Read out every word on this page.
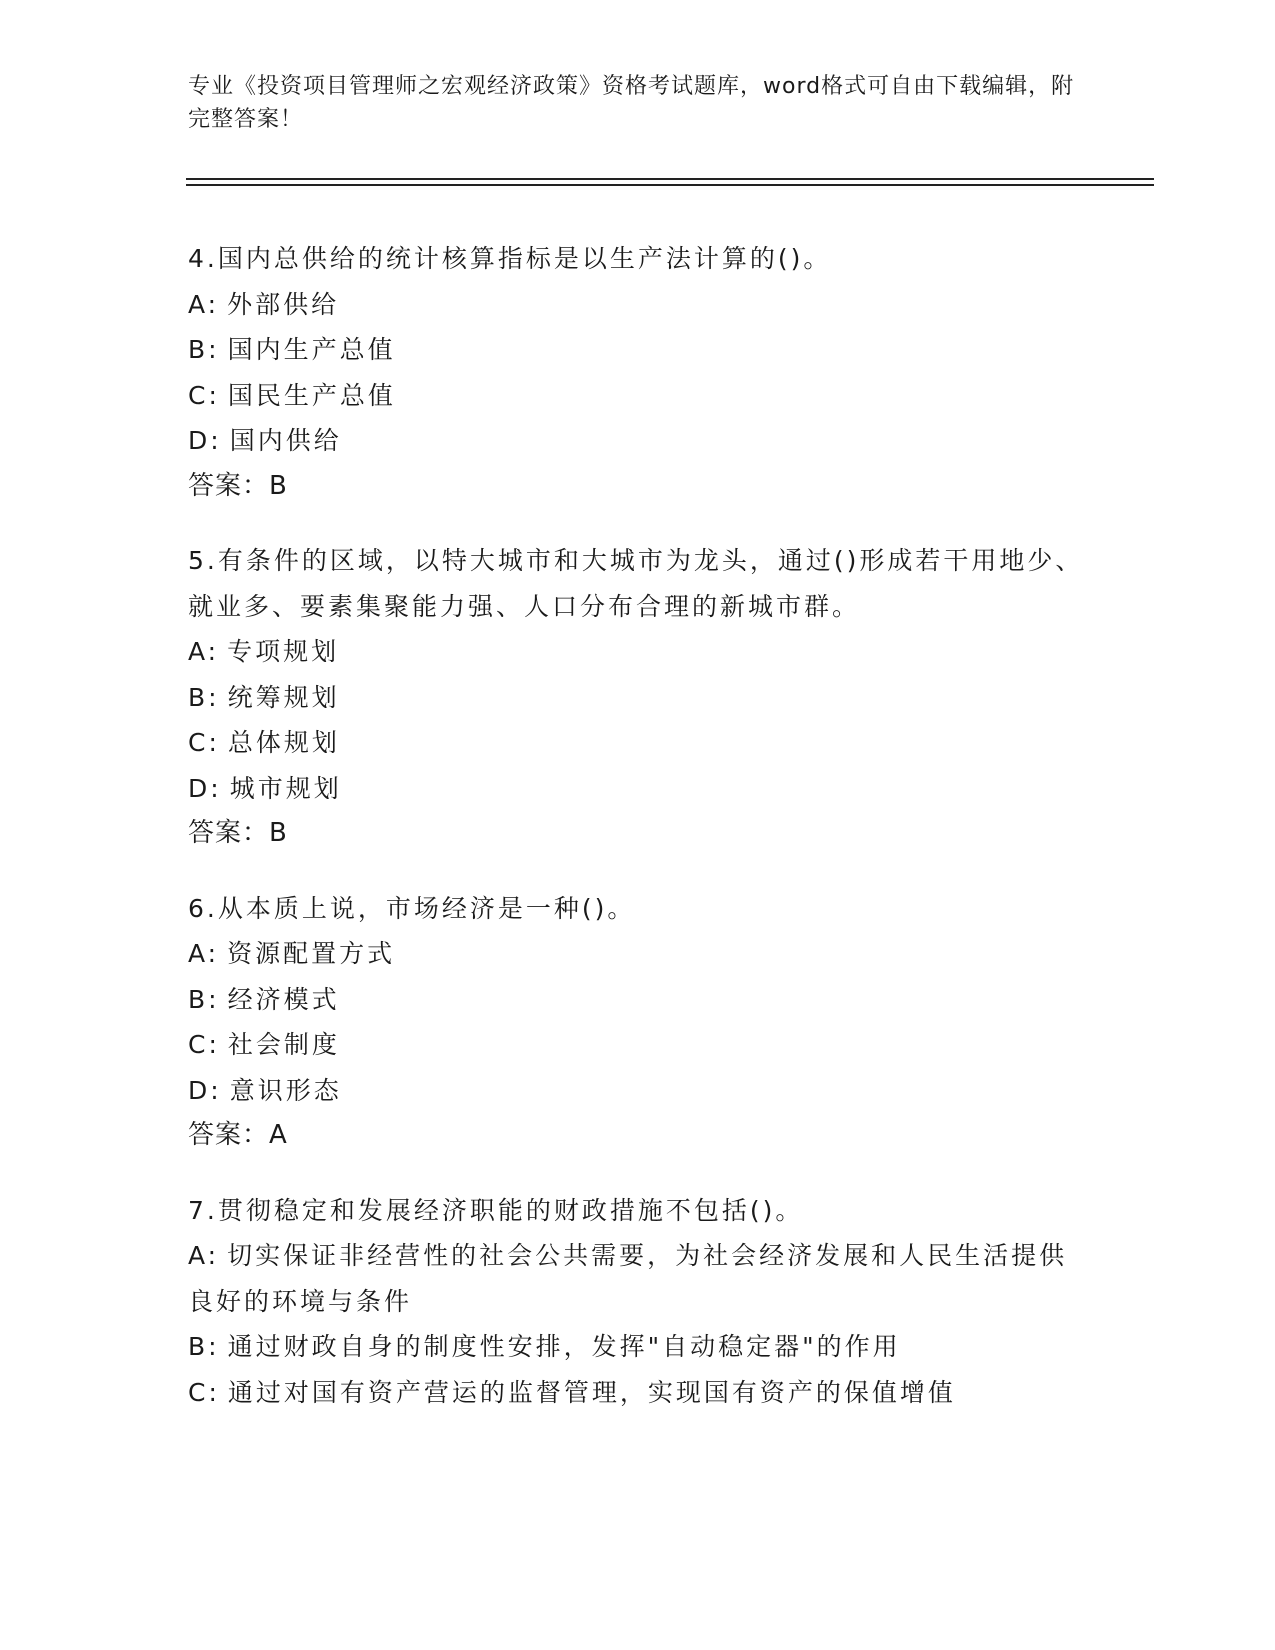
专业《投资项目管理师之宏观经济政策》资格考试题库，word格式可自由下载编辑，附完整答案！
4.国内总供给的统计核算指标是以生产法计算的()。
A: 外部供给
B: 国内生产总值
C: 国民生产总值
D: 国内供给
答案：B
5.有条件的区域，以特大城市和大城市为龙头，通过()形成若干用地少、就业多、要素集聚能力强、人口分布合理的新城市群。
A: 专项规划
B: 统筹规划
C: 总体规划
D: 城市规划
答案：B
6.从本质上说，市场经济是一种()。
A: 资源配置方式
B: 经济模式
C: 社会制度
D: 意识形态
答案：A
7.贯彻稳定和发展经济职能的财政措施不包括()。
A: 切实保证非经营性的社会公共需要，为社会经济发展和人民生活提供良好的环境与条件
B: 通过财政自身的制度性安排，发挥"自动稳定器"的作用
C: 通过对国有资产营运的监督管理，实现国有资产的保值增值
